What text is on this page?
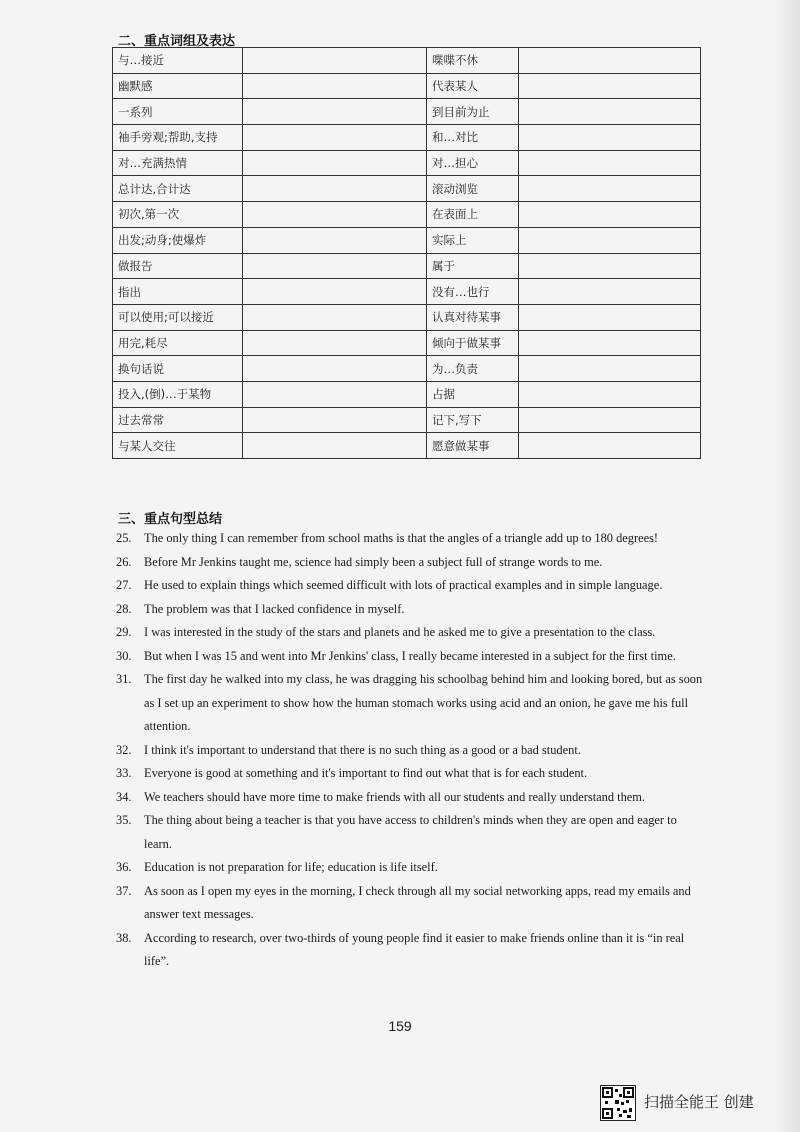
二、重点词组及表达
与…接近		喋喋不休	
幽默感		代表某人	
一系列		到目前为止	
袖手旁观;帮助,支持		和…对比	
对…充满热情		对…担心	
总计达,合计达		滚动浏览	
初次,第一次		在表面上	
出发;动身;使爆炸		实际上	
做报告		属于	
指出		没有…也行	
可以使用;可以接近		认真对待某事	
用完,耗尽		倾向于做某事	
换句话说		为…负责	
投入,(倒)…于某物		占据	
过去常常		记下,写下	
与某人交往		愿意做某事	
三、重点句型总结
25.	The only thing I can remember from school maths is that the angles of a triangle add up to 180 degrees!
26.	Before Mr Jenkins taught me, science had simply been a subject full of strange words to me.
27.	He used to explain things which seemed difficult with lots of practical examples and in simple language.
28.	The problem was that I lacked confidence in myself.
29.	I was interested in the study of the stars and planets and he asked me to give a presentation to the class.
30.	But when I was 15 and went into Mr Jenkins' class, I really became interested in a subject for the first time.
31.	The first day he walked into my class, he was dragging his schoolbag behind him and looking bored, but as soon as I set up an experiment to show how the human stomach works using acid and an onion, he gave me his full attention.
32.	I think it's important to understand that there is no such thing as a good or a bad student.
33.	Everyone is good at something and it's important to find out what that is for each student.
34.	We teachers should have more time to make friends with all our students and really understand them.
35.	The thing about being a teacher is that you have access to children's minds when they are open and eager to learn.
36.	Education is not preparation for life; education is life itself.
37.	As soon as I open my eyes in the morning, I check through all my social networking apps, read my emails and answer text messages.
38.	According to research, over two-thirds of young people find it easier to make friends online than it is “in real life”.
159
扫描全能王 创建
